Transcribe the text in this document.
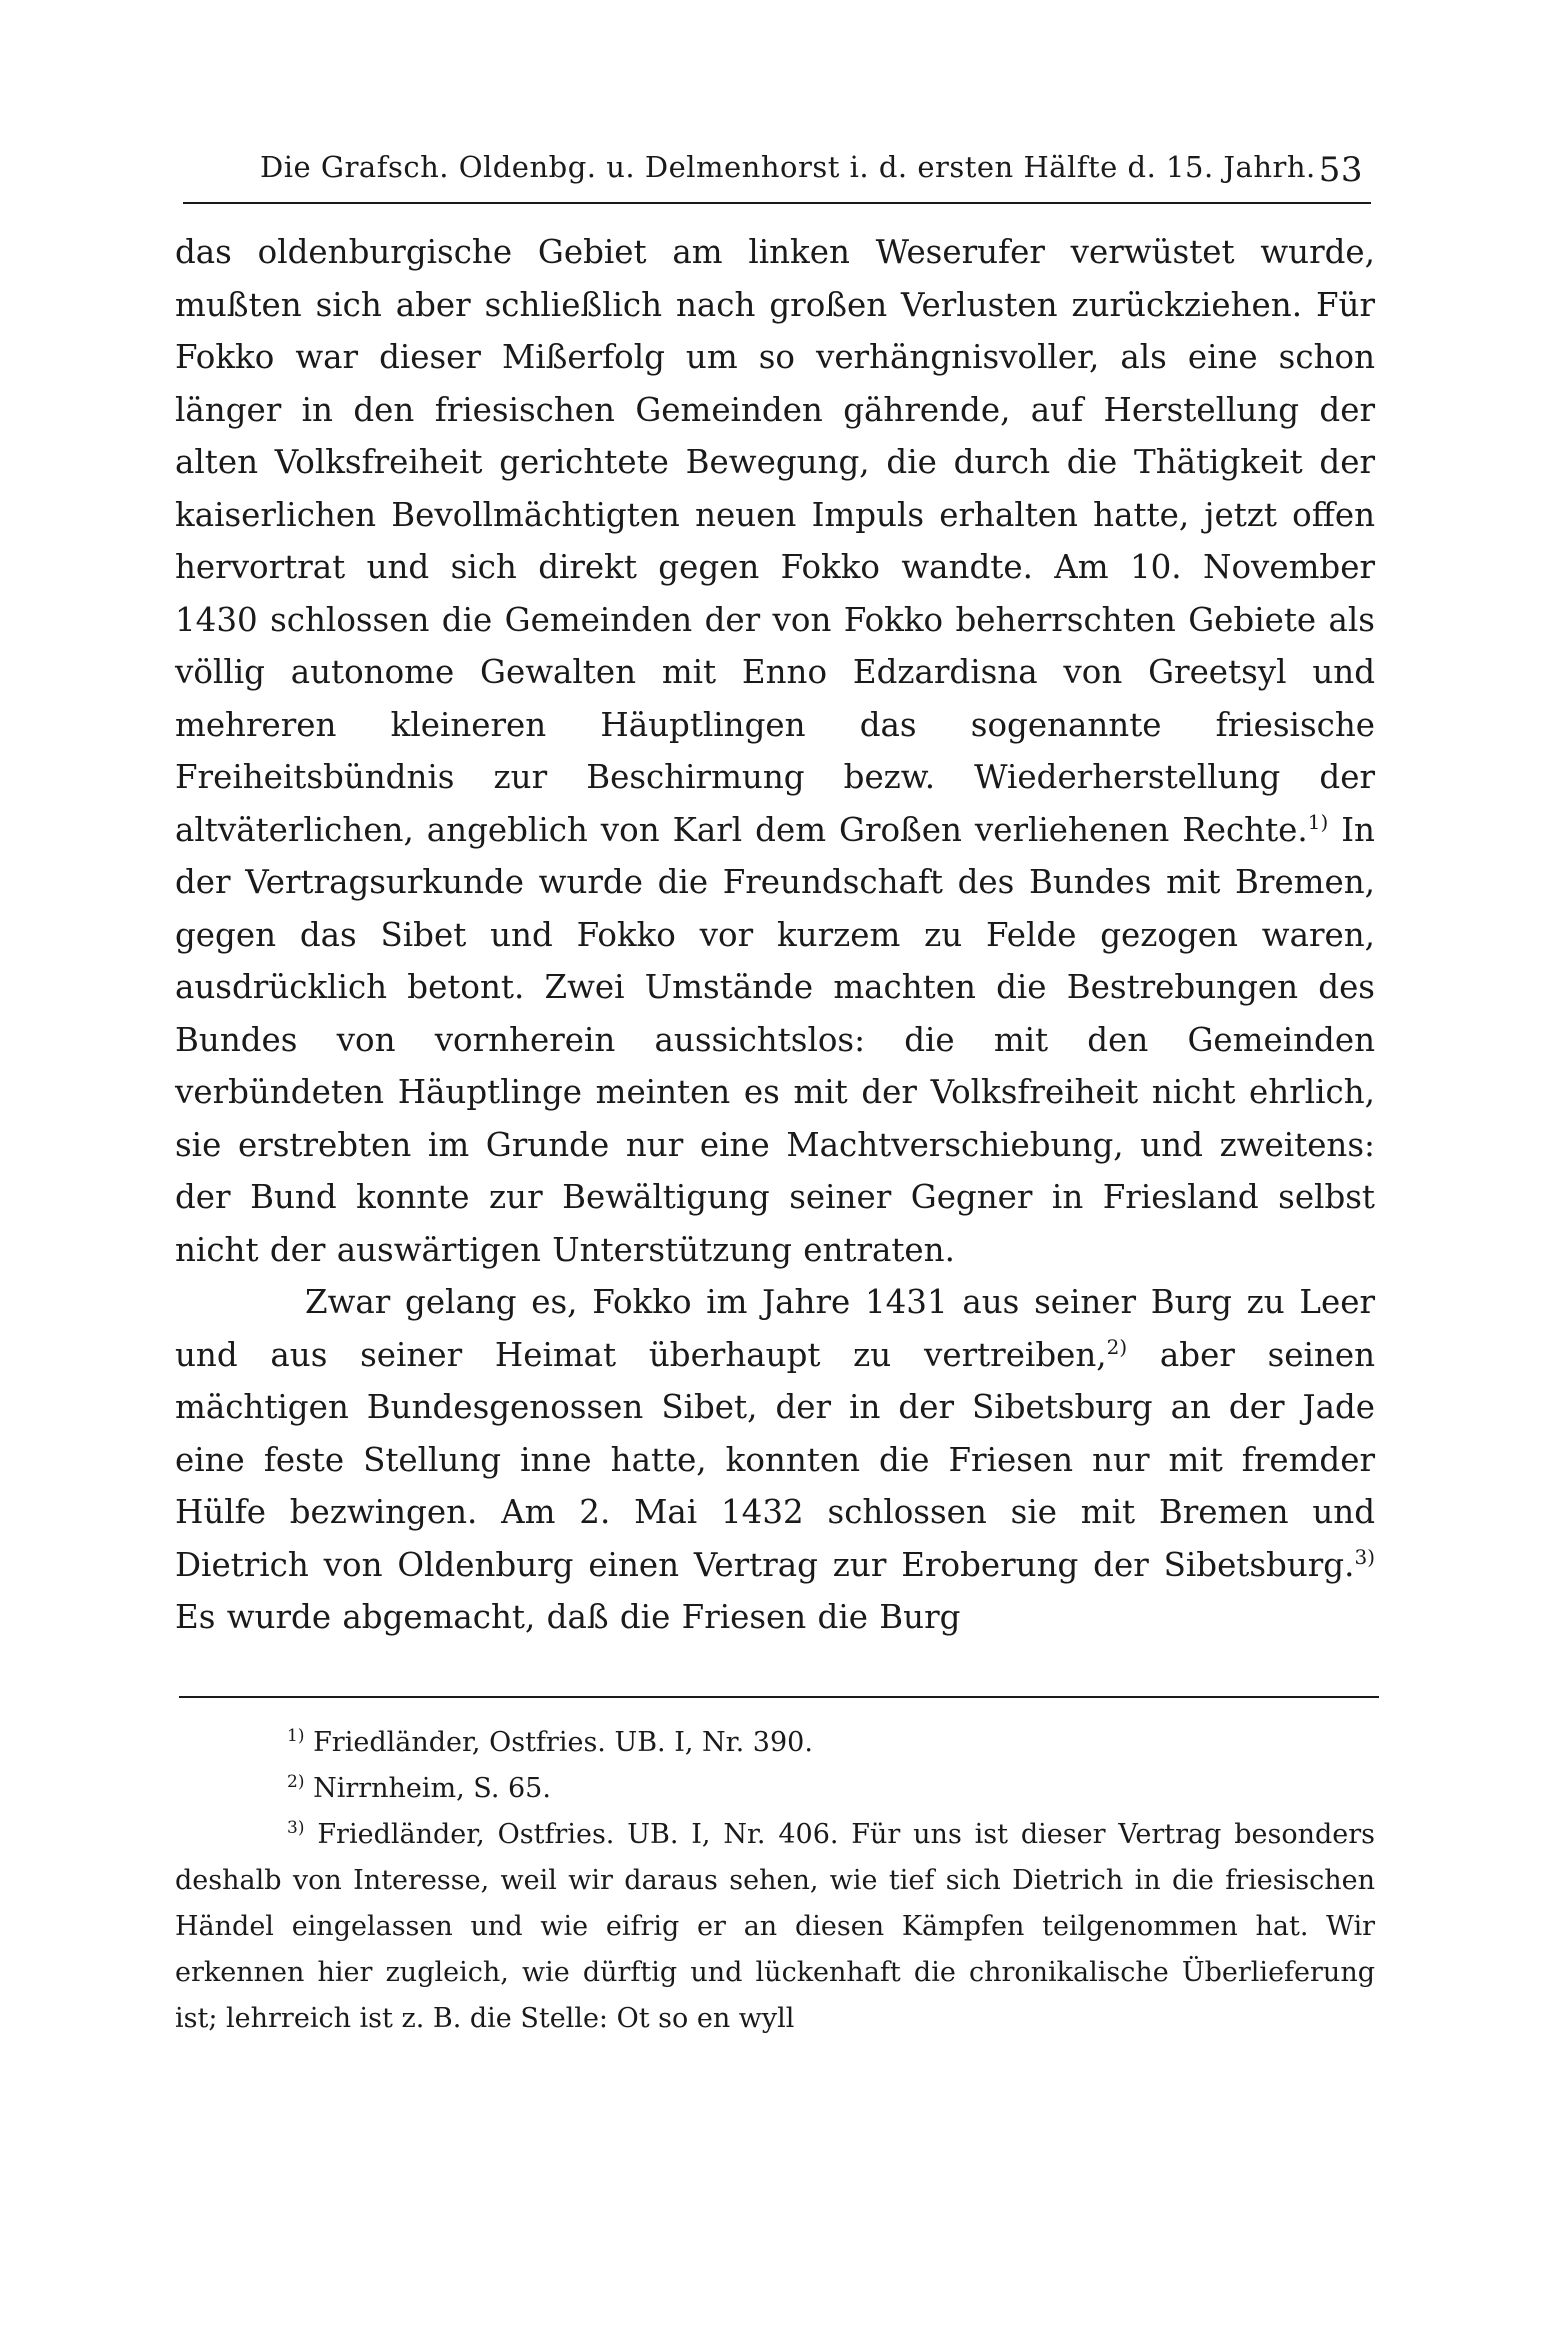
Die Grafsch. Oldenbg. u. Delmenhorst i. d. ersten Hälfte d. 15. Jahrh. 53

das oldenburgische Gebiet am linken Weserufer verwüstet wurde, mußten sich aber schließlich nach großen Verlusten zurückziehen. Für Fokko war dieser Mißerfolg um so verhängnisvoller, als eine schon länger in den friesischen Gemeinden gährende, auf Herstellung der alten Volksfreiheit gerichtete Bewegung, die durch die Thätigkeit der kaiserlichen Bevollmächtigten neuen Impuls erhalten hatte, jetzt offen hervortrat und sich direkt gegen Fokko wandte. Am 10. November 1430 schlossen die Gemeinden der von Fokko beherrschten Gebiete als völlig autonome Gewalten mit Enno Edzardisna von Greetsyl und mehreren kleineren Häuptlingen das sogenannte friesische Freiheitsbündnis zur Beschirmung bezw. Wiederherstellung der altväterlichen, angeblich von Karl dem Großen verliehenen Rechte.$^{1)}$ In der Vertragsurkunde wurde die Freundschaft des Bundes mit Bremen, gegen das Sibet und Fokko vor kurzem zu Felde gezogen waren, ausdrücklich betont. Zwei Umstände machten die Bestrebungen des Bundes von vornherein aussichtslos: die mit den Gemeinden verbündeten Häuptlinge meinten es mit der Volksfreiheit nicht ehrlich, sie erstrebten im Grunde nur eine Machtverschiebung, und zweitens: der Bund konnte zur Bewältigung seiner Gegner in Friesland selbst nicht der auswärtigen Unterstützung entraten.

Zwar gelang es, Fokko im Jahre 1431 aus seiner Burg zu Leer und aus seiner Heimat überhaupt zu vertreiben,$^{2)}$ aber seinen mächtigen Bundesgenossen Sibet, der in der Sibetsburg an der Jade eine feste Stellung inne hatte, konnten die Friesen nur mit fremder Hülfe bezwingen. Am 2. Mai 1432 schlossen sie mit Bremen und Dietrich von Oldenburg einen Vertrag zur Eroberung der Sibetsburg.$^{3)}$ Es wurde abgemacht, daß die Friesen die Burg

$^{1)}$ Friedländer, Ostfries. UB. I, Nr. 390.

$^{2)}$ Nirrnheim, S. 65.

$^{3)}$ Friedländer, Ostfries. UB. I, Nr. 406. Für uns ist dieser Vertrag besonders deshalb von Interesse, weil wir daraus sehen, wie tief sich Dietrich in die friesischen Händel eingelassen und wie eifrig er an diesen Kämpfen teilgenommen hat. Wir erkennen hier zugleich, wie dürftig und lückenhaft die chronikalische Überlieferung ist; lehrreich ist z. B. die Stelle: Ot so en wyll
